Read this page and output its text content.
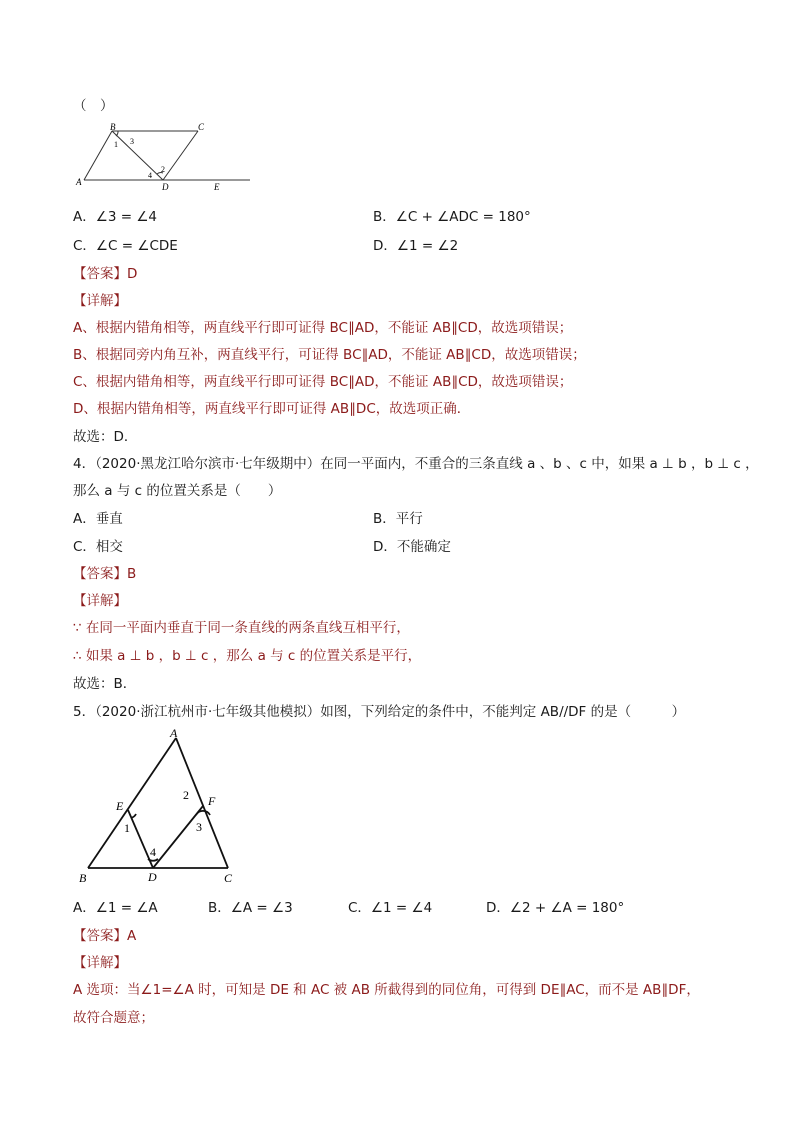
（　）
B	C
A	D	E
1 3
2
4
A．∠3 = ∠4	B．∠C + ∠ADC = 180°
C．∠C = ∠CDE	D．∠1 = ∠2
【答案】D
【详解】
A、根据内错角相等，两直线平行即可证得 BC∥AD，不能证 AB∥CD，故选项错误；
B、根据同旁内角互补，两直线平行，可证得 BC∥AD，不能证 AB∥CD，故选项错误；
C、根据内错角相等，两直线平行即可证得 BC∥AD，不能证 AB∥CD，故选项错误；
D、根据内错角相等，两直线平行即可证得 AB∥DC，故选项正确．
故选：D．
4．（2020·黑龙江哈尔滨市·七年级期中）在同一平面内，不重合的三条直线 a 、b 、c 中，如果 a ⊥ b ，b ⊥ c ，
那么 a 与 c 的位置关系是（　　）
A．垂直	B．平行
C．相交	D．不能确定
【答案】B
【详解】
∵ 在同一平面内垂直于同一条直线的两条直线互相平行，
∴ 如果 a ⊥ b ，b ⊥ c ，那么 a 与 c 的位置关系是平行，
故选：B．
5．（2020·浙江杭州市·七年级其他模拟）如图，下列给定的条件中，不能判定 AB//DF 的是（　　　）
A
B	C
D
E	F
1
2
3
4
A．∠1 = ∠A	B．∠A = ∠3	C．∠1 = ∠4	D．∠2 + ∠A = 180°
【答案】A
【详解】
A 选项：当∠1=∠A 时，可知是 DE 和 AC 被 AB 所截得到的同位角，可得到 DE∥AC，而不是 AB∥DF，
故符合题意；
